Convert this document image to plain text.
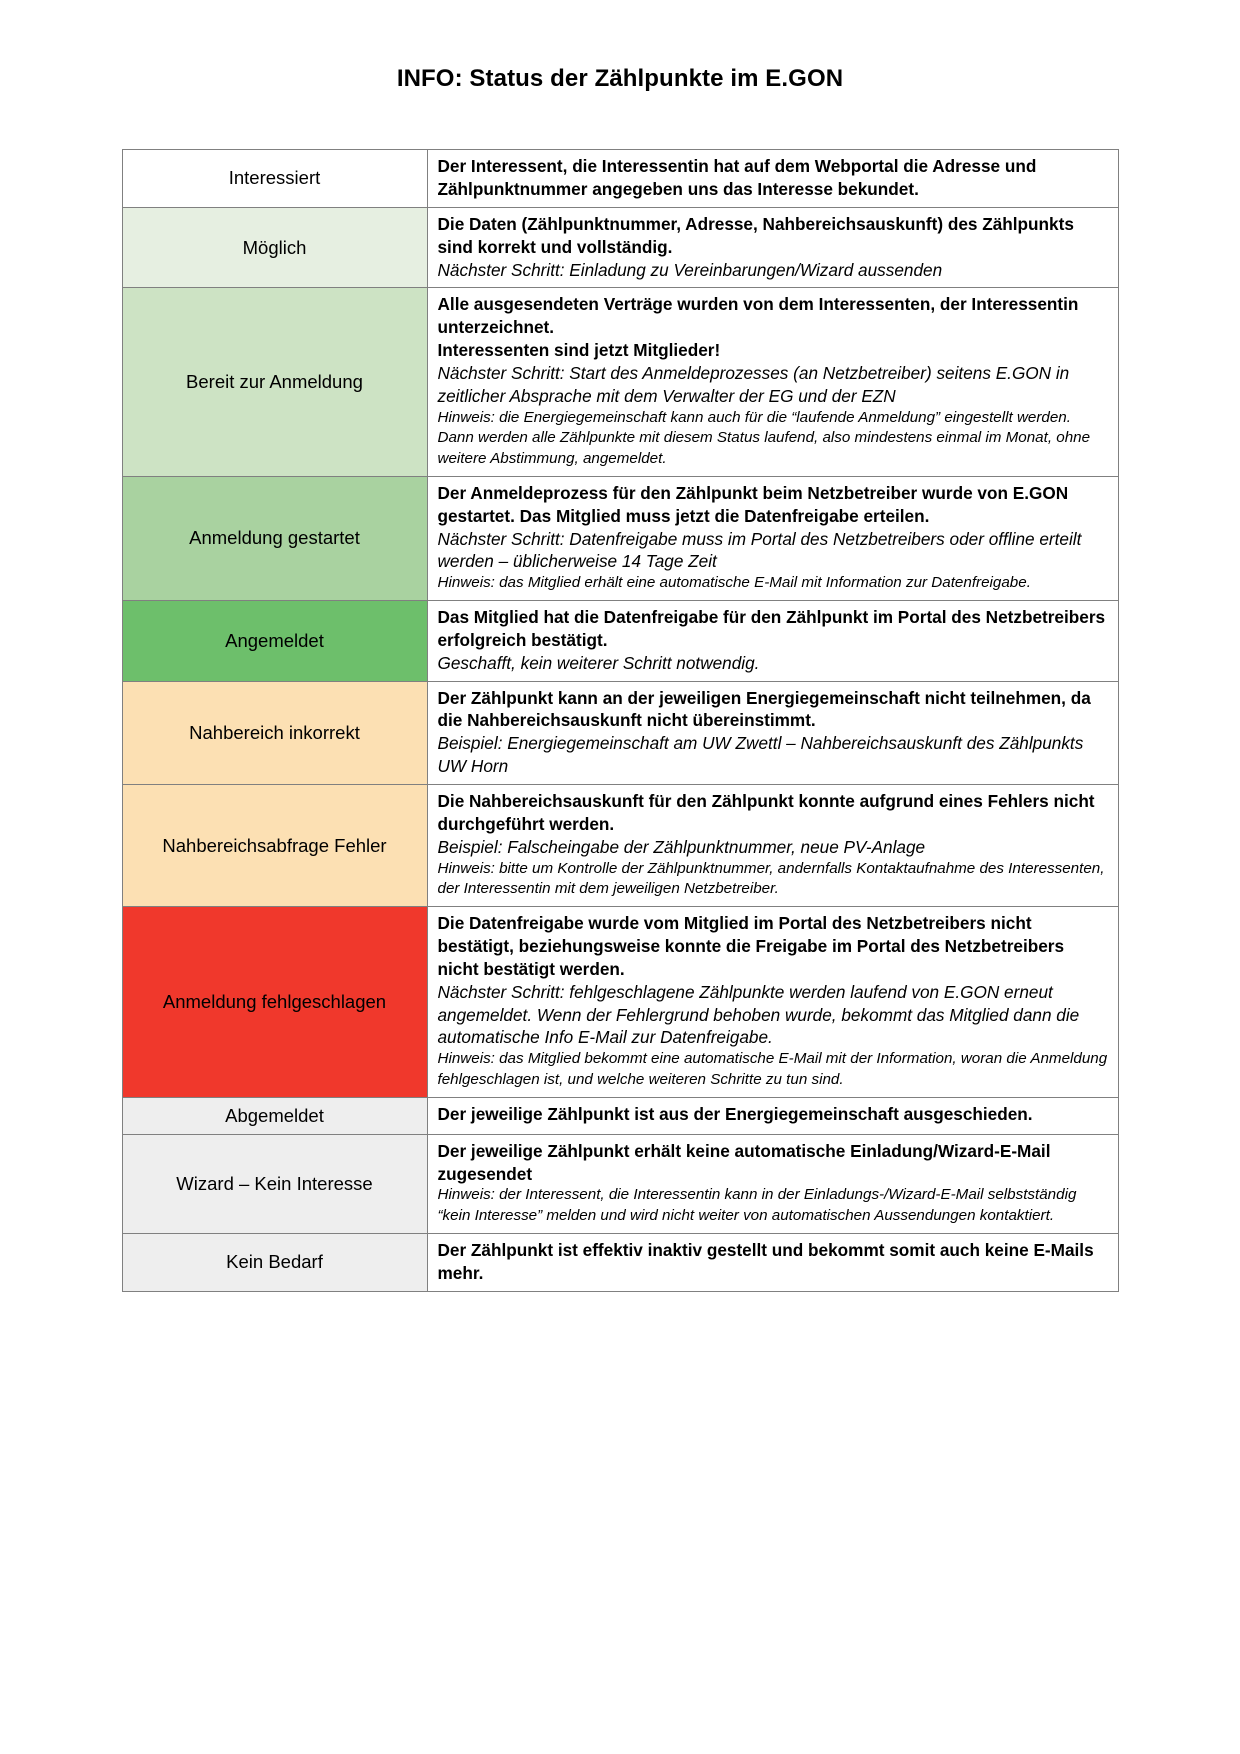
INFO: Status der Zählpunkte im E.GON
Interessiert	Der Interessent, die Interessentin hat auf dem Webportal die Adresse und Zählpunktnummer angegeben uns das Interesse bekundet.

Möglich	Die Daten (Zählpunktnummer, Adresse, Nahbereichsauskunft) des Zählpunkts sind korrekt und vollständig.
Nächster Schritt: Einladung zu Vereinbarungen/Wizard aussenden

Bereit zur Anmeldung	Alle ausgesendeten Verträge wurden von dem Interessenten, der Interessentin unterzeichnet.
Interessenten sind jetzt Mitglieder!
Nächster Schritt: Start des Anmeldeprozesses (an Netzbetreiber) seitens E.GON in zeitlicher Absprache mit dem Verwalter der EG und der EZN
Hinweis: die Energiegemeinschaft kann auch für die “laufende Anmeldung” eingestellt werden. Dann werden alle Zählpunkte mit diesem Status laufend, also mindestens einmal im Monat, ohne weitere Abstimmung, angemeldet.

Anmeldung gestartet	Der Anmeldeprozess für den Zählpunkt beim Netzbetreiber wurde von E.GON gestartet. Das Mitglied muss jetzt die Datenfreigabe erteilen.
Nächster Schritt: Datenfreigabe muss im Portal des Netzbetreibers oder offline erteilt werden – üblicherweise 14 Tage Zeit
Hinweis: das Mitglied erhält eine automatische E-Mail mit Information zur Datenfreigabe.

Angemeldet	Das Mitglied hat die Datenfreigabe für den Zählpunkt im Portal des Netzbetreibers erfolgreich bestätigt.
Geschafft, kein weiterer Schritt notwendig.

Nahbereich inkorrekt	Der Zählpunkt kann an der jeweiligen Energiegemeinschaft nicht teilnehmen, da die Nahbereichsauskunft nicht übereinstimmt.
Beispiel: Energiegemeinschaft am UW Zwettl – Nahbereichsauskunft des Zählpunkts UW Horn

Nahbereichsabfrage Fehler	Die Nahbereichsauskunft für den Zählpunkt konnte aufgrund eines Fehlers nicht durchgeführt werden.
Beispiel: Falscheingabe der Zählpunktnummer, neue PV-Anlage
Hinweis: bitte um Kontrolle der Zählpunktnummer, andernfalls Kontaktaufnahme des Interessenten, der Interessentin mit dem jeweiligen Netzbetreiber.

Anmeldung fehlgeschlagen	Die Datenfreigabe wurde vom Mitglied im Portal des Netzbetreibers nicht bestätigt, beziehungsweise konnte die Freigabe im Portal des Netzbetreibers nicht bestätigt werden.
Nächster Schritt: fehlgeschlagene Zählpunkte werden laufend von E.GON erneut angemeldet. Wenn der Fehlergrund behoben wurde, bekommt das Mitglied dann die automatische Info E-Mail zur Datenfreigabe.
Hinweis: das Mitglied bekommt eine automatische E-Mail mit der Information, woran die Anmeldung fehlgeschlagen ist, und welche weiteren Schritte zu tun sind.

Abgemeldet	Der jeweilige Zählpunkt ist aus der Energiegemeinschaft ausgeschieden.

Wizard – Kein Interesse	Der jeweilige Zählpunkt erhält keine automatische Einladung/Wizard-E-Mail zugesendet
Hinweis: der Interessent, die Interessentin kann in der Einladungs-/Wizard-E-Mail selbstständig “kein Interesse” melden und wird nicht weiter von automatischen Aussendungen kontaktiert.

Kein Bedarf	Der Zählpunkt ist effektiv inaktiv gestellt und bekommt somit auch keine E-Mails mehr.
